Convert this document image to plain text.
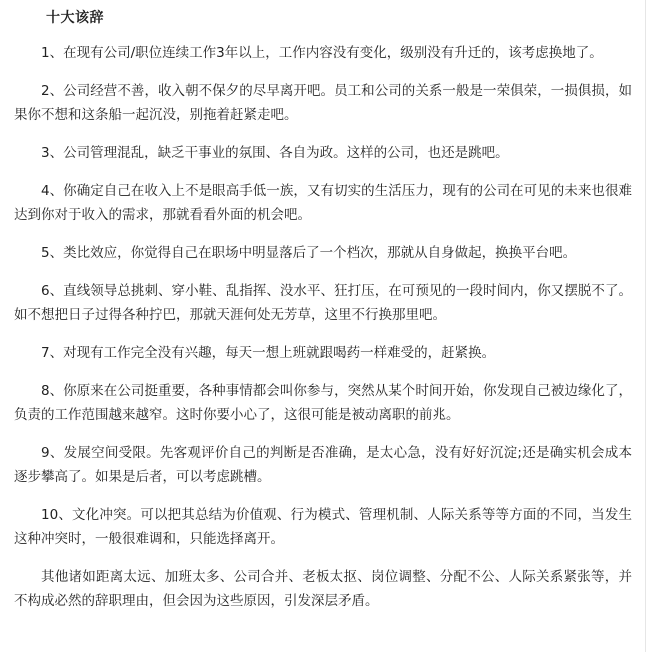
十大该辞

1、在现有公司/职位连续工作3年以上，工作内容没有变化，级别没有升迁的，该考虑换地了。

2、公司经营不善，收入朝不保夕的尽早离开吧。员工和公司的关系一般是一荣俱荣，一损俱损，如果你不想和这条船一起沉没，别拖着赶紧走吧。

3、公司管理混乱，缺乏干事业的氛围、各自为政。这样的公司，也还是跳吧。

4、你确定自己在收入上不是眼高手低一族，又有切实的生活压力，现有的公司在可见的未来也很难达到你对于收入的需求，那就看看外面的机会吧。

5、类比效应，你觉得自己在职场中明显落后了一个档次，那就从自身做起，换换平台吧。

6、直线领导总挑刺、穿小鞋、乱指挥、没水平、狂打压，在可预见的一段时间内，你又摆脱不了。如不想把日子过得各种拧巴，那就天涯何处无芳草，这里不行换那里吧。

7、对现有工作完全没有兴趣，每天一想上班就跟喝药一样难受的，赶紧换。

8、你原来在公司挺重要，各种事情都会叫你参与，突然从某个时间开始，你发现自己被边缘化了，负责的工作范围越来越窄。这时你要小心了，这很可能是被动离职的前兆。

9、发展空间受限。先客观评价自己的判断是否准确，是太心急，没有好好沉淀;还是确实机会成本逐步攀高了。如果是后者，可以考虑跳槽。

10、文化冲突。可以把其总结为价值观、行为模式、管理机制、人际关系等等方面的不同，当发生这种冲突时，一般很难调和，只能选择离开。

其他诸如距离太远、加班太多、公司合并、老板太抠、岗位调整、分配不公、人际关系紧张等，并不构成必然的辞职理由，但会因为这些原因，引发深层矛盾。
